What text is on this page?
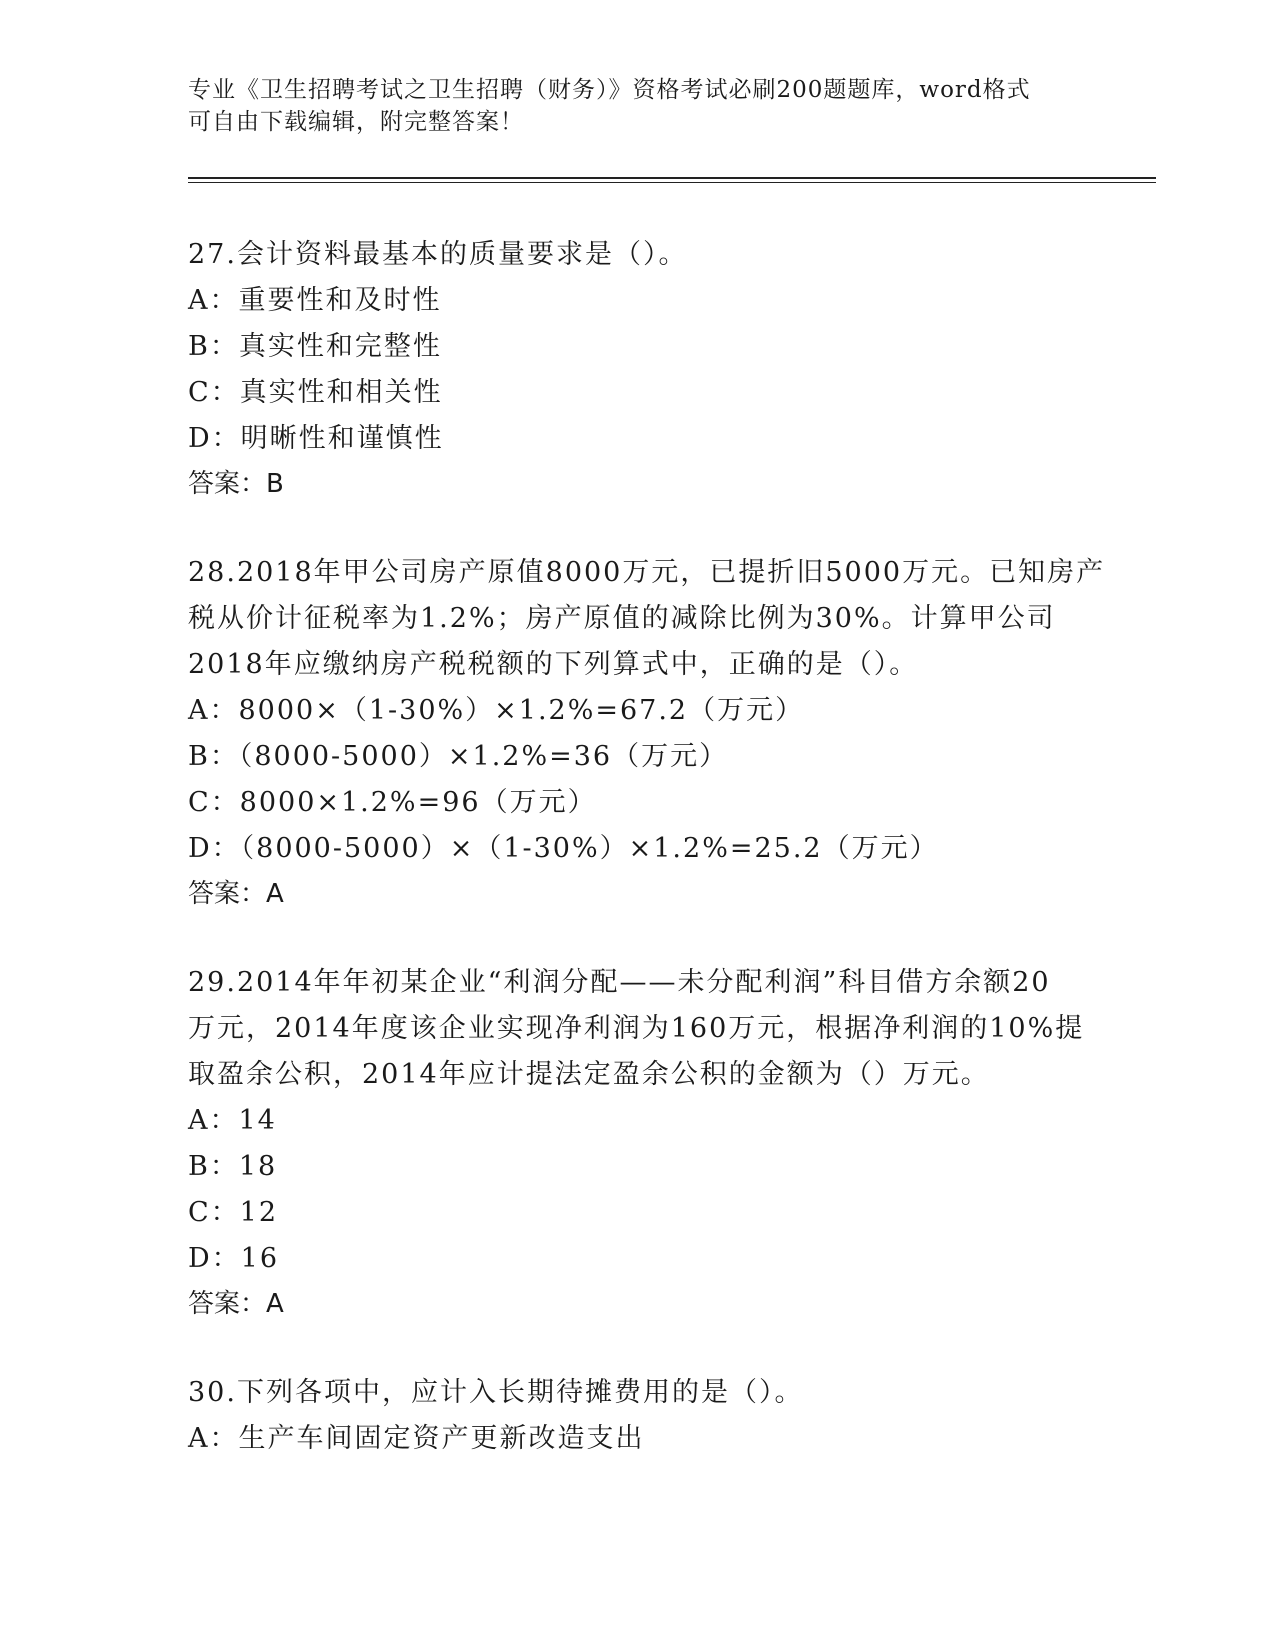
专业《卫生招聘考试之卫生招聘（财务）》资格考试必刷200题题库，word格式
可自由下载编辑，附完整答案！
27.会计资料最基本的质量要求是（）。
A：重要性和及时性
B：真实性和完整性
C：真实性和相关性
D：明晰性和谨慎性
答案：B
28.2018年甲公司房产原值8000万元，已提折旧5000万元。已知房产
税从价计征税率为1.2%；房产原值的减除比例为30%。计算甲公司
2018年应缴纳房产税税额的下列算式中，正确的是（）。
A：8000×（1-30%）×1.2%=67.2（万元）
B：（8000-5000）×1.2%=36（万元）
C：8000×1.2%=96（万元）
D：（8000-5000）×（1-30%）×1.2%=25.2（万元）
答案：A
29.2014年年初某企业“利润分配——未分配利润”科目借方余额20
万元，2014年度该企业实现净利润为160万元，根据净利润的10%提
取盈余公积，2014年应计提法定盈余公积的金额为（）万元。
A：14
B：18
C：12
D：16
答案：A
30.下列各项中，应计入长期待摊费用的是（）。
A：生产车间固定资产更新改造支出
